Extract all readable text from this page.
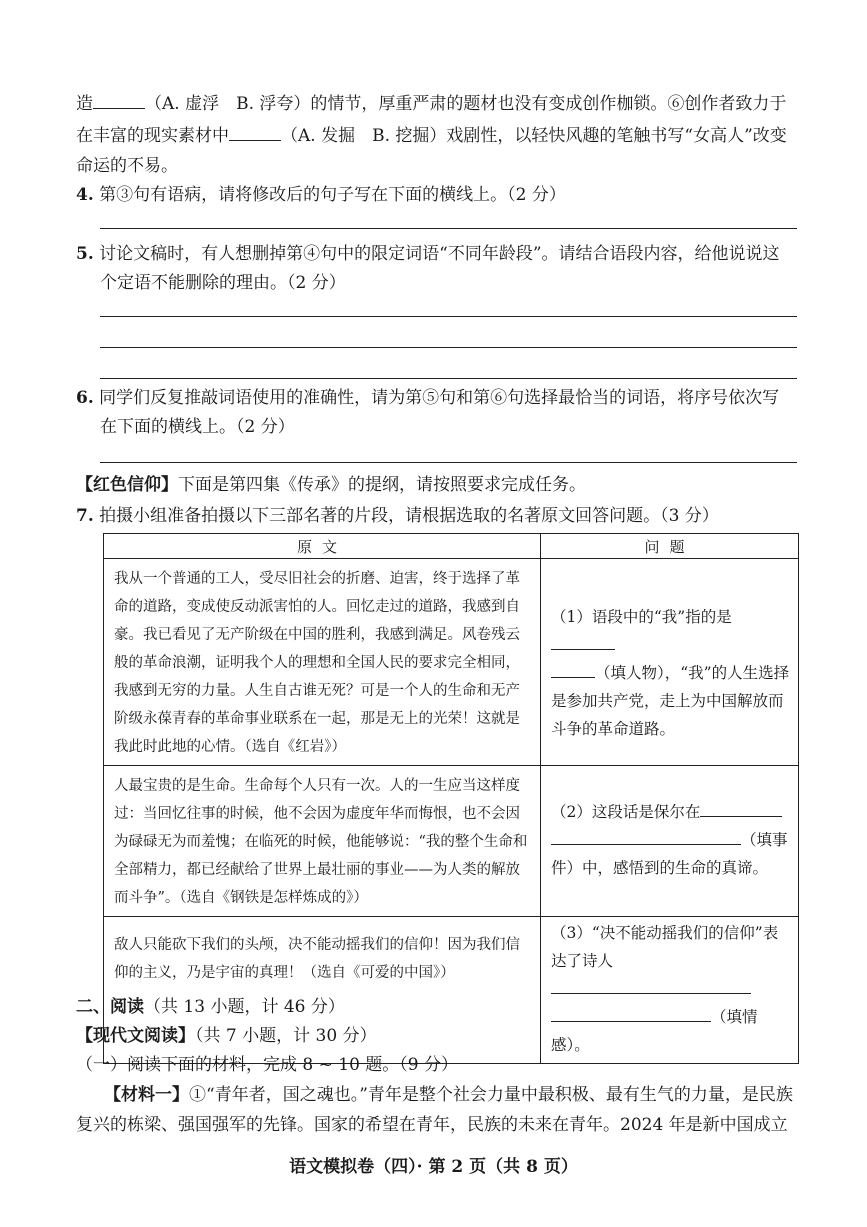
造	（A. 虚浮　B. 浮夸）的情节，厚重严肃的题材也没有变成创作枷锁。⑥创作者致力于
在丰富的现实素材中	（A. 发掘　B. 挖掘）戏剧性，以轻快风趣的笔触书写“女高人”改变
命运的不易。
4. 第③句有语病，请将修改后的句子写在下面的横线上。（2 分）
5. 讨论文稿时，有人想删掉第④句中的限定词语“不同年龄段”。请结合语段内容，给他说说这
个定语不能删除的理由。（2 分）
6. 同学们反复推敲词语使用的准确性，请为第⑤句和第⑥句选择最恰当的词语，将序号依次写
在下面的横线上。（2 分）
【红色信仰】下面是第四集《传承》的提纲，请按照要求完成任务。
7. 拍摄小组准备拍摄以下三部名著的片段，请根据选取的名著原文回答问题。（3 分）
原文	问题

我从一个普通的工人，受尽旧社会的折磨、迫害，终于选择了革命的道路，变成使反动派害怕的人。回忆走过的道路，我感到自豪。我已看见了无产阶级在中国的胜利，我感到满足。风卷残云般的革命浪潮，证明我个人的理想和全国人民的要求完全相同，我感到无穷的力量。人生自古谁无死？可是一个人的生命和无产阶级永葆青春的革命事业联系在一起，那是无上的光荣！这就是我此时此地的心情。（选自《红岩》）	（1）语段中的“我”指的是
（填人物），“我”的人生选择是参加共产党，走上为中国解放而斗争的革命道路。

人最宝贵的是生命。生命每个人只有一次。人的一生应当这样度过：当回忆往事的时候，他不会因为虚度年华而悔恨，也不会因为碌碌无为而羞愧；在临死的时候，他能够说：“我的整个生命和全部精力，都已经献给了世界上最壮丽的事业——为人类的解放而斗争”。（选自《钢铁是怎样炼成的》）	（2）这段话是保尔在
（填事件）中，感悟到的生命的真谛。

敌人只能砍下我们的头颅，决不能动摇我们的信仰！因为我们信仰的主义，乃是宇宙的真理！（选自《可爱的中国》）	（3）“决不能动摇我们的信仰”表达了诗人
（填情感）。
二、阅读（共 13 小题，计 46 分）
【现代文阅读】（共 7 小题，计 30 分）
（一）阅读下面的材料，完成 8 ~ 10 题。（9 分）
【材料一】①“青年者，国之魂也。”青年是整个社会力量中最积极、最有生气的力量，是民族
复兴的栋梁、强国强军的先锋。国家的希望在青年，民族的未来在青年。2024 年是新中国成立
语文模拟卷（四）· 第 2 页（共 8 页）
